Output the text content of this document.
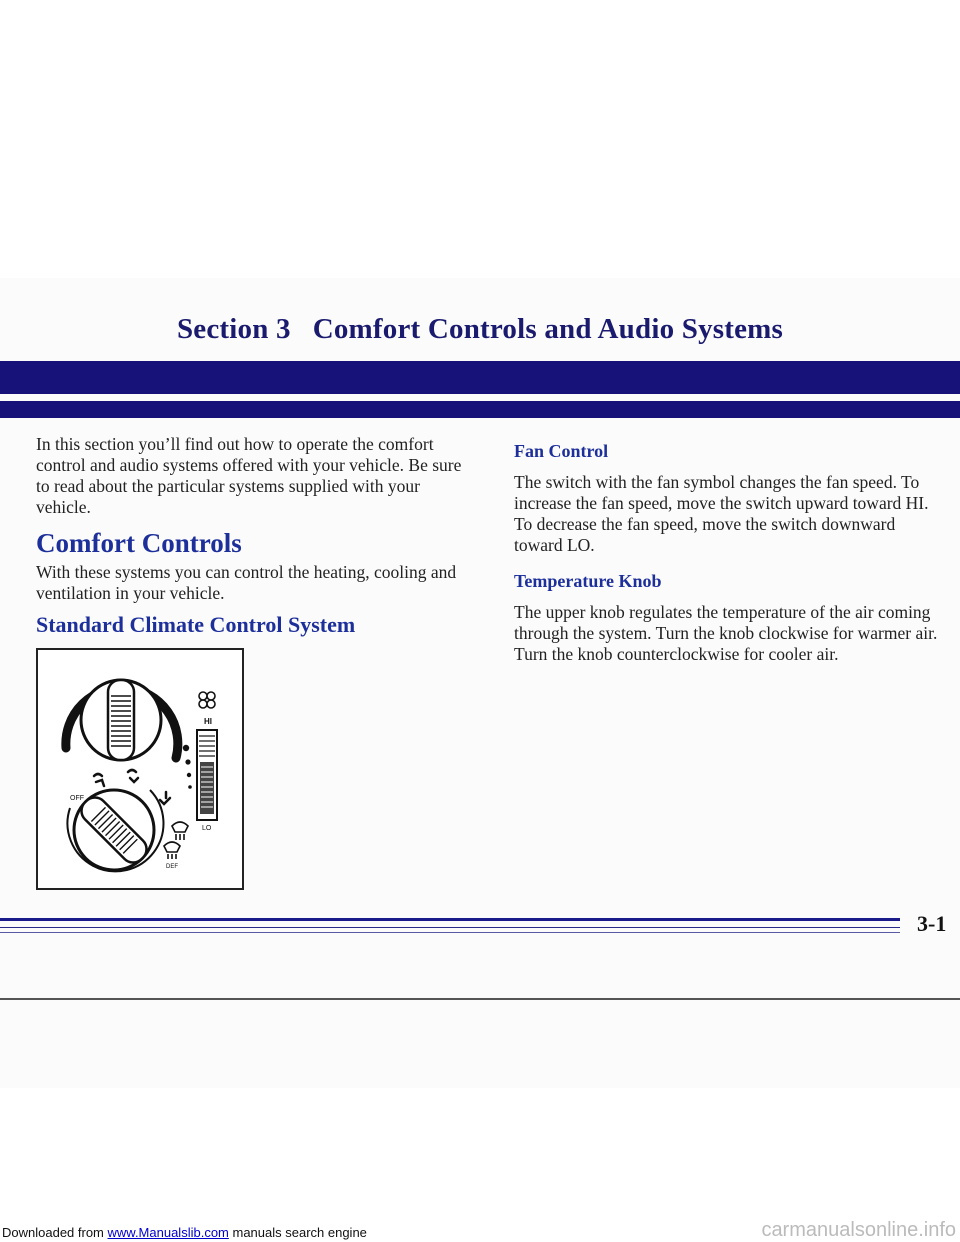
Section 3 Comfort Controls and Audio Systems

In this section you’ll find out how to operate the comfort control and audio systems offered with your vehicle. Be sure to read about the particular systems supplied with your vehicle.

Comfort Controls

With these systems you can control the heating, cooling and ventilation in your vehicle.

Standard Climate Control System
HI
LO
OFF
DEF
Fan Control

The switch with the fan symbol changes the fan speed. To increase the fan speed, move the switch upward toward HI. To decrease the fan speed, move the switch downward toward LO.

Temperature Knob

The upper knob regulates the temperature of the air coming through the system. Turn the knob clockwise for warmer air. Turn the knob counterclockwise for cooler air.

3-1
Downloaded from www.Manualslib.com manuals search engine	carmanualsonline.info
